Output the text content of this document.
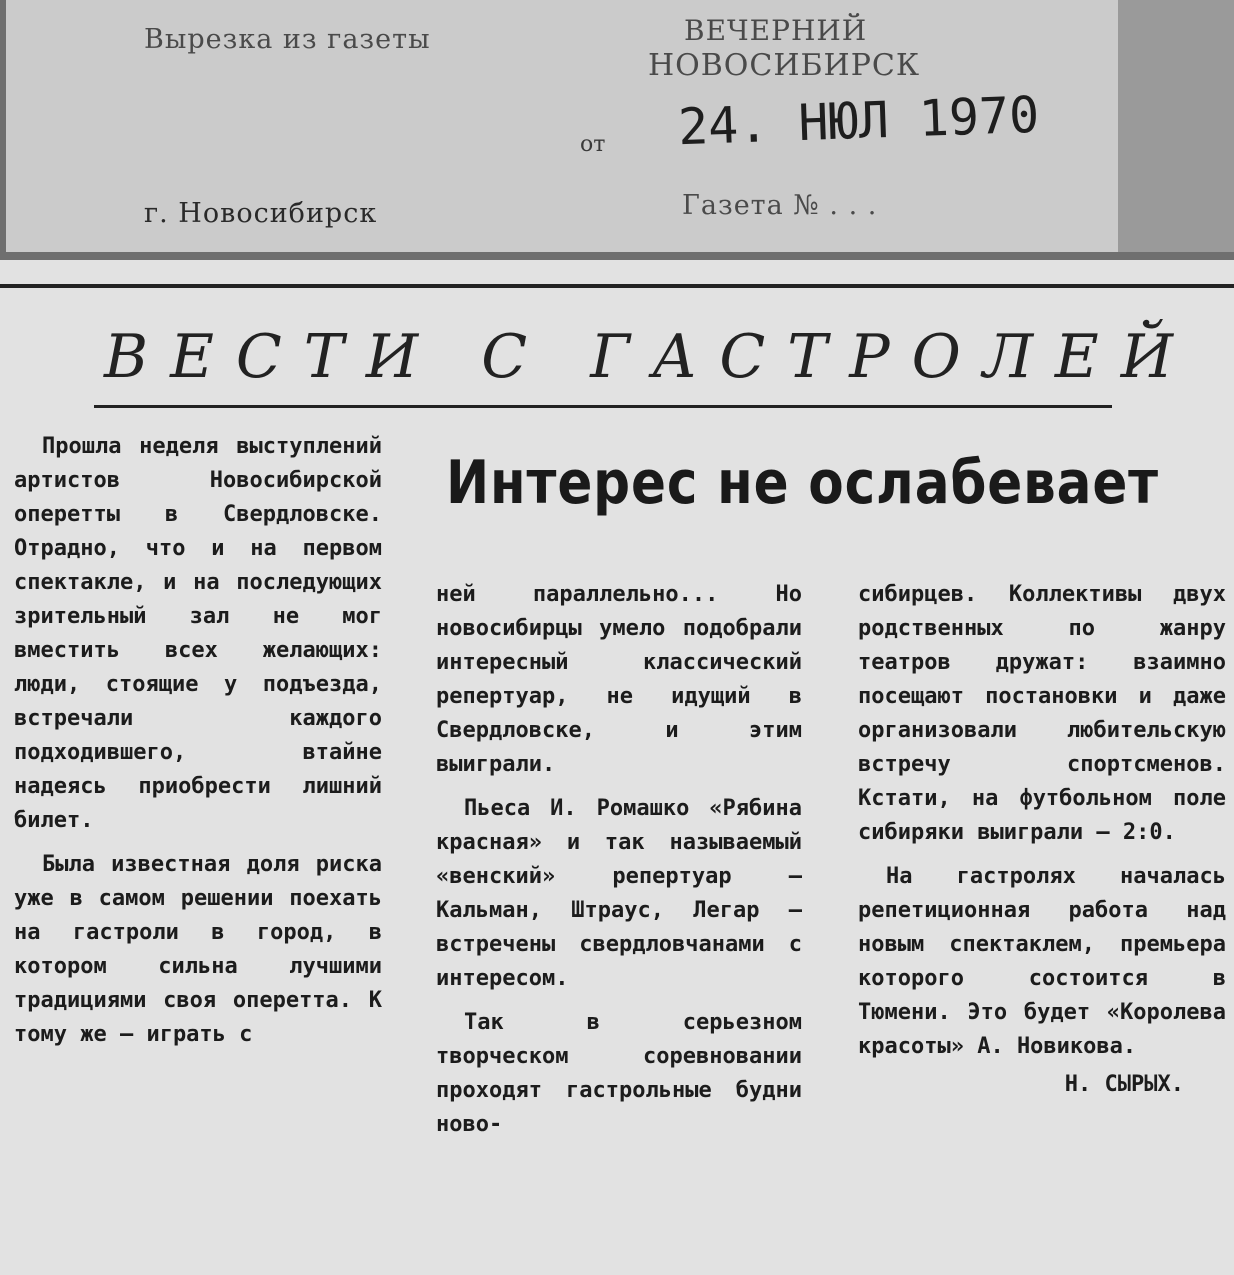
Вырезка из газеты	ВЕЧЕРНИЙ
НОВОСИБИРСК
от 24. НЮЛ 1970
г. Новосибирск	Газета № . . .
ВЕСТИ С ГАСТРОЛЕЙ
Интерес не ослабевает

Прошла неделя выступлений артистов Новосибирской оперетты в Свердловске. Отрадно, что и на первом спектакле, и на последующих зрительный зал не мог вместить всех желающих: люди, стоящие у подъезда, встречали каждого подходившего, втайне надеясь приобрести лишний билет.

Была известная доля риска уже в самом решении поехать на гастроли в город, в котором сильна лучшими традициями своя оперетта. К тому же — играть с

ней параллельно... Но новосибирцы умело подобрали интересный классический репертуар, не идущий в Свердловске, и этим выиграли.

Пьеса И. Ромашко «Рябина красная» и так называемый «венский» репертуар — Кальман, Штраус, Легар — встречены свердловчанами с интересом.

Так в серьезном творческом соревновании проходят гастрольные будни ново-

сибирцев. Коллективы двух родственных по жанру театров дружат: взаимно посещают постановки и даже организовали любительскую встречу спортсменов. Кстати, на футбольном поле сибиряки выиграли — 2:0.

На гастролях началась репетиционная работа над новым спектаклем, премьера которого состоится в Тюмени. Это будет «Королева красоты» А. Новикова.

Н. СЫРЫХ.
